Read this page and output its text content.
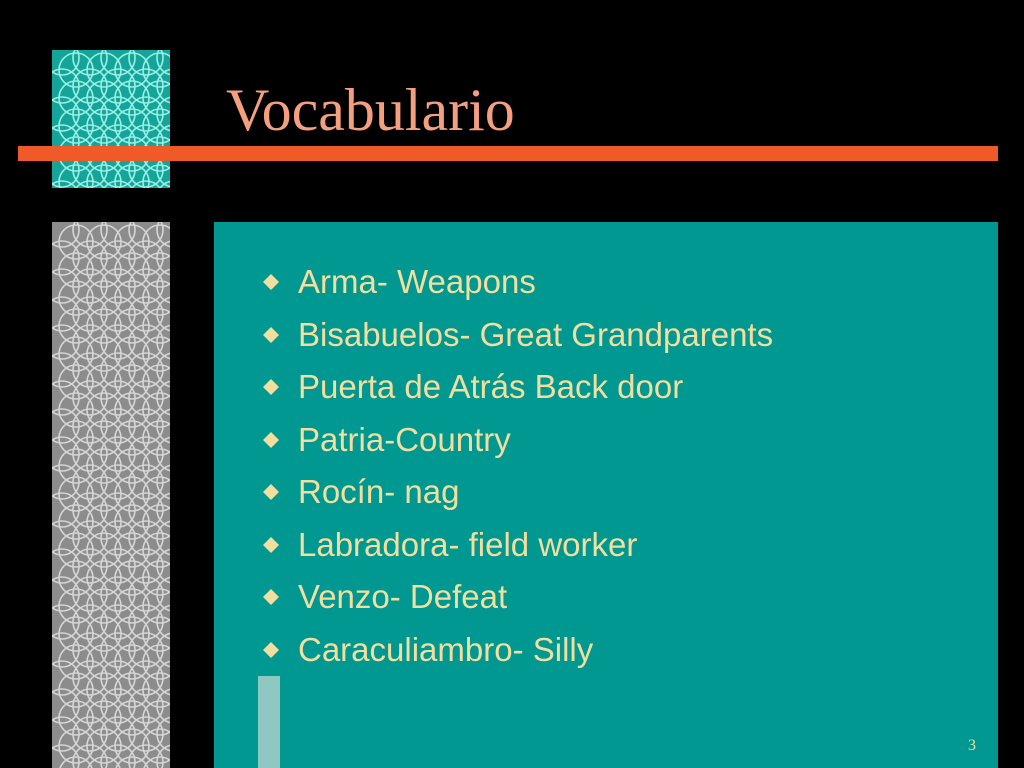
Vocabulario
Arma- Weapons
Bisabuelos- Great Grandparents
Puerta de Atrás Back door
Patria-Country
Rocín- nag
Labradora- field worker
Venzo- Defeat
Caraculiambro- Silly
3
